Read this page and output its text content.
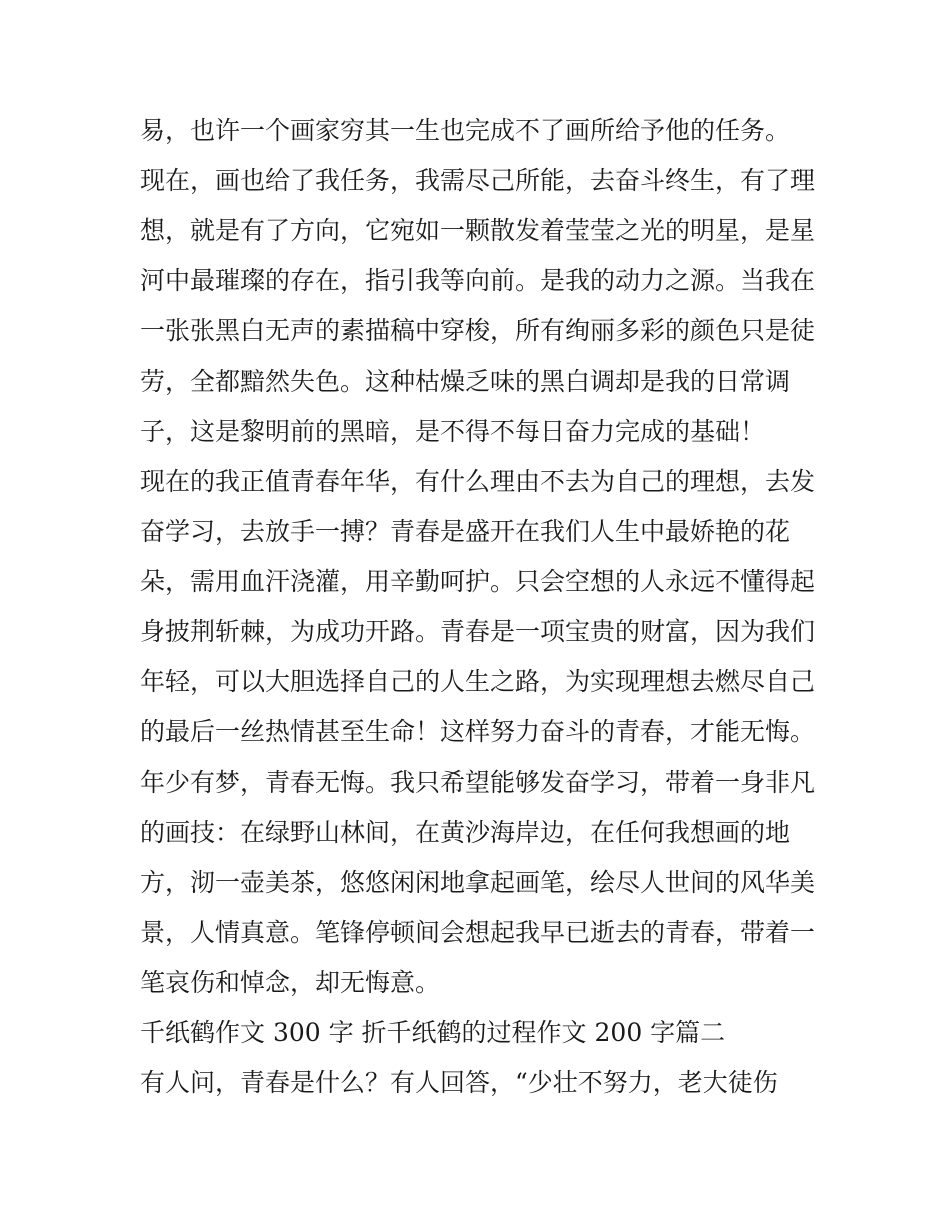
易，也许一个画家穷其一生也完成不了画所给予他的任务。
现在，画也给了我任务，我需尽己所能，去奋斗终生，有了理
想，就是有了方向，它宛如一颗散发着莹莹之光的明星，是星
河中最璀璨的存在，指引我等向前。是我的动力之源。当我在
一张张黑白无声的素描稿中穿梭，所有绚丽多彩的颜色只是徒
劳，全都黯然失色。这种枯燥乏味的黑白调却是我的日常调
子，这是黎明前的黑暗，是不得不每日奋力完成的基础！
现在的我正值青春年华，有什么理由不去为自己的理想，去发
奋学习，去放手一搏？青春是盛开在我们人生中最娇艳的花
朵，需用血汗浇灌，用辛勤呵护。只会空想的人永远不懂得起
身披荆斩棘，为成功开路。青春是一项宝贵的财富，因为我们
年轻，可以大胆选择自己的人生之路，为实现理想去燃尽自己
的最后一丝热情甚至生命！这样努力奋斗的青春，才能无悔。
年少有梦，青春无悔。我只希望能够发奋学习，带着一身非凡
的画技：在绿野山林间，在黄沙海岸边，在任何我想画的地
方，沏一壶美茶，悠悠闲闲地拿起画笔，绘尽人世间的风华美
景，人情真意。笔锋停顿间会想起我早已逝去的青春，带着一
笔哀伤和悼念，却无悔意。
千纸鹤作文 300 字 折千纸鹤的过程作文 200 字篇二
有人问，青春是什么？有人回答，“少壮不努力，老大徒伤
